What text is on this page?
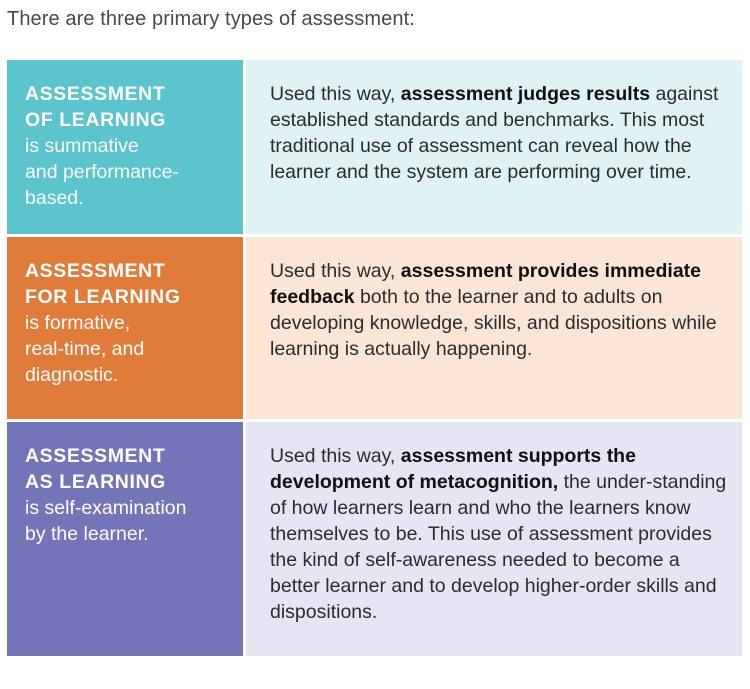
There are three primary types of assessment:
ASSESSMENT
OF LEARNING
is summative
and performance-
based.
Used this way, assessment judges results against established standards and benchmarks. This most traditional use of assessment can reveal how the learner and the system are performing over time.
ASSESSMENT
FOR LEARNING
is formative,
real-time, and
diagnostic.
Used this way, assessment provides immediate feedback both to the learner and to adults on developing knowledge, skills, and dispositions while learning is actually happening.
ASSESSMENT
AS LEARNING
is self-examination
by the learner.
Used this way, assessment supports the development of metacognition, the under-standing of how learners learn and who the learners know themselves to be. This use of assessment provides the kind of self-awareness needed to become a better learner and to develop higher-order skills and dispositions.
